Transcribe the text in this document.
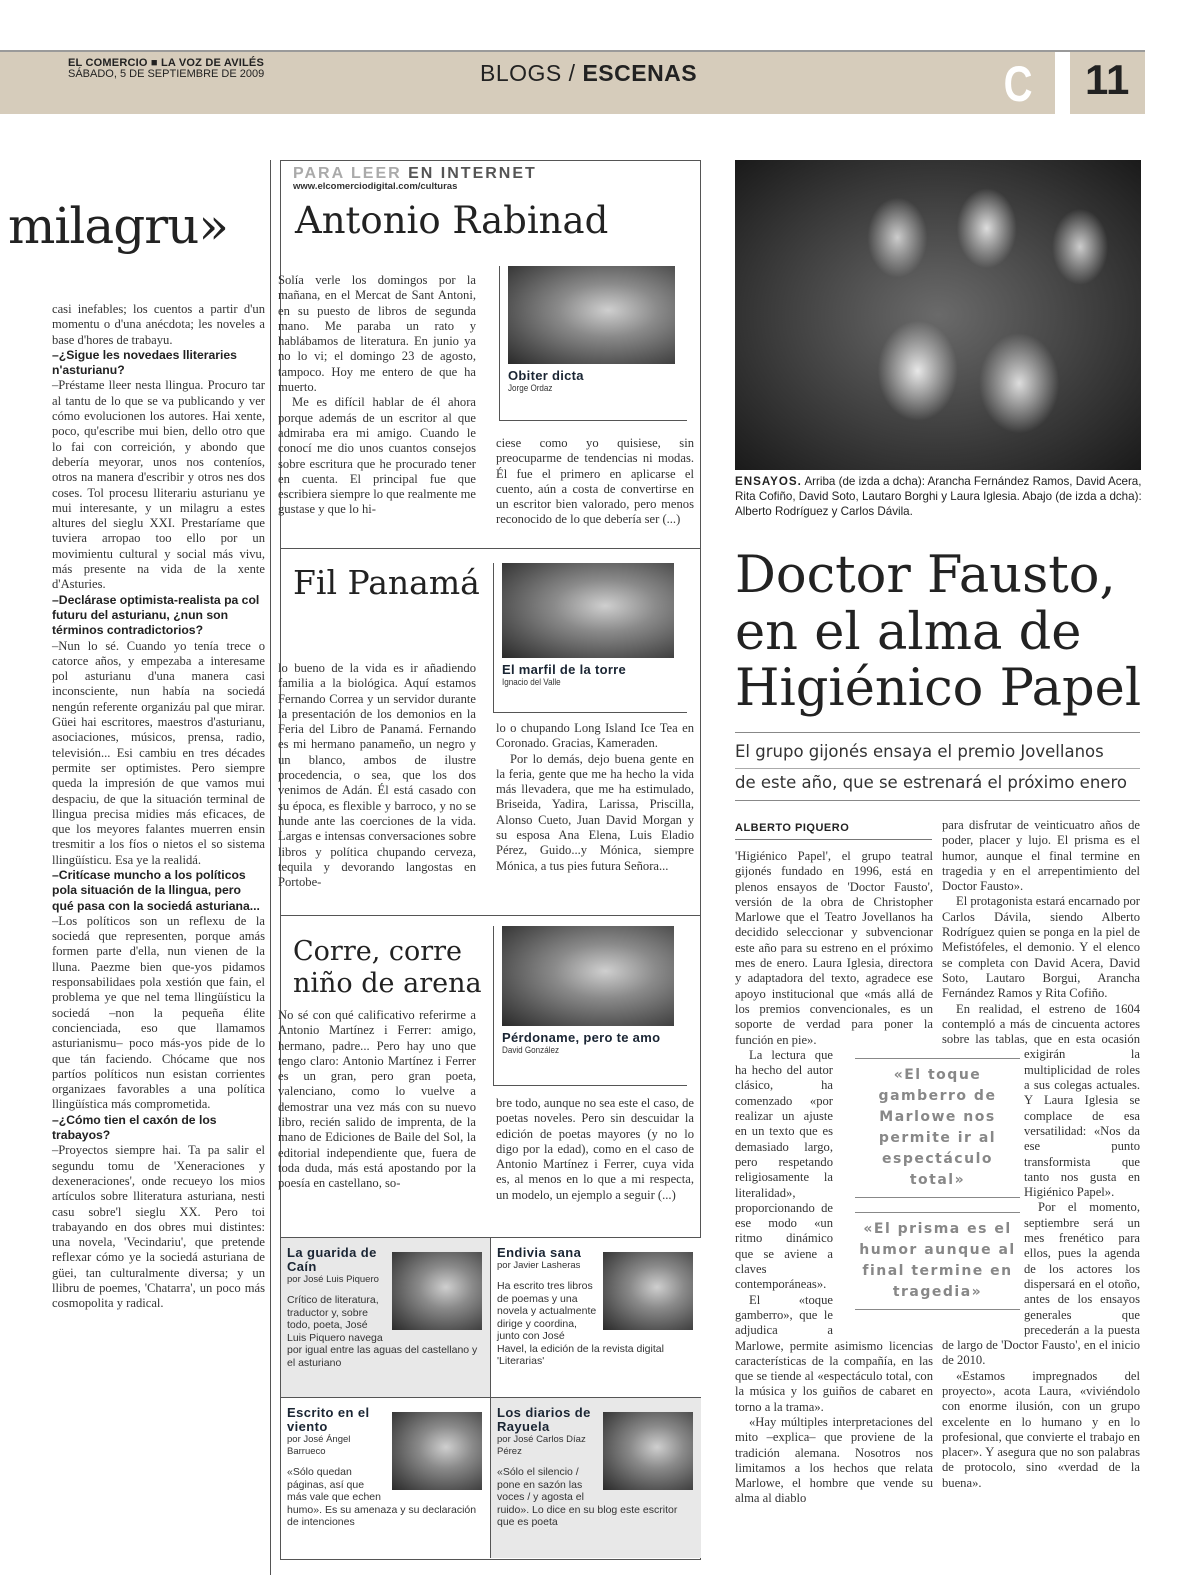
EL COMERCIO ■ LA VOZ DE AVILÉS
SÁBADO, 5 DE SEPTIEMBRE DE 2009	BLOGS / ESCENAS	C 11
milagru»

casi inefables; los cuentos a partir d'un momentu o d'una anécdota; les noveles a base d'hores de trabayu.

–¿Sigue les novedaes lliteraries n'asturianu?

–Préstame lleer nesta llingua. Procuro tar al tantu de lo que se va publicando y ver cómo evolucionen los autores. Hai xente, poco, qu'escribe mui bien, dello otro que lo fai con correición, y abondo que debería meyorar, unos nos conteníos, otros na manera d'escribir y otros nes dos coses. Tol procesu lliterariu asturianu ye mui interesante, y un milagru a estes altures del sieglu XXI. Prestaríame que tuviera arropao too ello por un movimientu cultural y social más vivu, más presente na vida de la xente d'Asturies.

–Declárase optimista-realista pa col futuru del asturianu, ¿nun son términos contradictorios?

–Nun lo sé. Cuando yo tenía trece o catorce años, y empezaba a interesame pol asturianu d'una manera casi inconsciente, nun había na sociedá nengún referente organizáu pal que mirar. Güei hai escritores, maestros d'asturianu, asociaciones, músicos, prensa, radio, televisión... Esi cambiu en tres décades permite ser optimistes. Pero siempre queda la impresión de que vamos mui despaciu, de que la situación terminal de llingua precisa midies más eficaces, de que los meyores falantes muerren ensin tresmitir a los fíos o nietos el so sistema llingüísticu. Esa ye la realidá.

–Critícase muncho a los políticos pola situación de la llingua, pero qué pasa con la sociedá asturiana...

–Los políticos son un reflexu de la sociedá que representen, porque amás formen parte d'ella, nun vienen de la lluna. Paezme bien que-yos pidamos responsabilidaes pola xestión que fain, el problema ye que nel tema llingüísticu la sociedá –non la pequeña élite concienciada, eso que llamamos asturianismu– poco más-yos pide de lo que tán faciendo. Chócame que nos partíos políticos nun esistan corrientes organizaes favorables a una política llingüística más comprometida.

–¿Cómo tien el caxón de los trabayos?

–Proyectos siempre hai. Ta pa salir el segundu tomu de 'Xeneraciones y dexeneraciones', onde recueyo los mios artículos sobre lliteratura asturiana, nesti casu sobre'l sieglu XX. Pero toi trabayando en dos obres mui distintes: una novela, 'Vecindariu', que pretende reflexar cómo ye la sociedá asturiana de güei, tan culturalmente diversa; y un llibru de poemes, 'Chatarra', un poco más cosmopolita y radical.

PARA LEER EN INTERNET
www.elcomerciodigital.com/culturas
Antonio Rabinad

Solía verle los domingos por la mañana, en el Mercat de Sant Antoni, en su puesto de libros de segunda mano. Me paraba un rato y hablábamos de literatura. En junio ya no lo vi; el domingo 23 de agosto, tampoco. Hoy me entero de que ha muerto.

Me es difícil hablar de él ahora porque además de un escritor al que admiraba era mi amigo. Cuando le conocí me dio unos cuantos consejos sobre escritura que he procurado tener en cuenta. El principal fue que escribiera siempre lo que realmente me gustase y que lo hi-

Obiter dicta
Jorge Ordaz

ciese como yo quisiese, sin preocuparme de tendencias ni modas. Él fue el primero en aplicarse el cuento, aún a costa de convertirse en un escritor bien valorado, pero menos reconocido de lo que debería ser (...)

Fil Panamá

lo bueno de la vida es ir añadiendo familia a la biológica. Aquí estamos Fernando Correa y un servidor durante la presentación de los demonios en la Feria del Libro de Panamá. Fernando es mi hermano panameño, un negro y un blanco, ambos de ilustre procedencia, o sea, que los dos venimos de Adán. Él está casado con su época, es flexible y barroco, y no se hunde ante las coerciones de la vida. Largas e intensas conversaciones sobre libros y política chupando cerveza, tequila y devorando langostas en Portobe-

El marfil de la torre
Ignacio del Valle

lo o chupando Long Island Ice Tea en Coronado. Gracias, Kameraden.

Por lo demás, dejo buena gente en la feria, gente que me ha hecho la vida más llevadera, que me ha estimulado, Briseida, Yadira, Larissa, Priscilla, Alonso Cueto, Juan David Morgan y su esposa Ana Elena, Luis Eladio Pérez, Guido...y Mónica, siempre Mónica, a tus pies futura Señora...

Corre, corre niño de arena

No sé con qué calificativo referirme a Antonio Martínez i Ferrer: amigo, hermano, padre... Pero hay uno que tengo claro: Antonio Martínez i Ferrer es un gran, pero gran poeta, valenciano, como lo vuelve a demostrar una vez más con su nuevo libro, recién salido de imprenta, de la mano de Ediciones de Baile del Sol, la editorial independiente que, fuera de toda duda, más está apostando por la poesía en castellano, so-

Pérdoname, pero te amo
David González

bre todo, aunque no sea este el caso, de poetas noveles. Pero sin descuidar la edición de poetas mayores (y no lo digo por la edad), como en el caso de Antonio Martínez i Ferrer, cuya vida es, al menos en lo que a mi respecta, un modelo, un ejemplo a seguir (...)

La guarida de Caín
por José Luis Piquero
Crítico de literatura, traductor y, sobre todo, poeta, José Luis Piquero navega por igual entre las aguas del castellano y el asturiano
Endivia sana
por Javier Lasheras
Ha escrito tres libros de poemas y una novela y actualmente dirige y coordina, junto con José Havel, la edición de la revista digital 'Literarias'
Escrito en el viento
por José Ángel Barrueco
«Sólo quedan páginas, así que más vale que echen humo». Es su amenaza y su declaración de intenciones
Los diarios de Rayuela
por José Carlos Díaz Pérez
«Sólo el silencio / pone en sazón las voces / y agosta el ruido». Lo dice en su blog este escritor que es poeta
ENSAYOS. Arriba (de izda a dcha): Arancha Fernández Ramos, David Acera, Rita Cofiño, David Soto, Lautaro Borghi y Laura Iglesia. Abajo (de izda a dcha): Alberto Rodríguez y Carlos Dávila.
Doctor Fausto, en el alma de Higiénico Papel
El grupo gijonés ensaya el premio Jovellanos
de este año, que se estrenará el próximo enero
ALBERTO PIQUERO

'Higiénico Papel', el grupo teatral gijonés fundado en 1996, está en plenos ensayos de 'Doctor Fausto', versión de la obra de Christopher Marlowe que el Teatro Jovellanos ha decidido seleccionar y subvencionar este año para su estreno en el próximo mes de enero. Laura Iglesia, directora y adaptadora del texto, agradece ese apoyo institucional que «más allá de los premios convencionales, es un soporte de verdad para poner la función en pie».

La lectura que ha hecho del autor clásico, ha comenzado «por realizar un ajuste en un texto que es demasiado largo, pero respetando religiosamente la literalidad», proporcionando de ese modo «un ritmo dinámico que se aviene a claves contemporáneas».

El «toque gamberro», que le adjudica a Marlowe, permite asimismo licencias características de la compañía, en las que se tiende al «espectáculo total, con la música y los guiños de cabaret en torno a la trama».

«Hay múltiples interpretaciones del mito –explica– que proviene de la tradición alemana. Nosotros nos limitamos a los hechos que relata Marlowe, el hombre que vende su alma al diablo

para disfrutar de veinticuatro años de poder, placer y lujo. El prisma es el humor, aunque el final termine en tragedia y en el arrepentimiento del Doctor Fausto».

El protagonista estará encarnado por Carlos Dávila, siendo Alberto Rodríguez quien se ponga en la piel de Mefistófeles, el demonio. Y el elenco se completa con David Acera, David Soto, Lautaro Borgui, Arancha Fernández Ramos y Rita Cofiño.

En realidad, el estreno de 1604 contempló a más de cincuenta actores sobre las tablas, que en esta ocasión exigirán la multiplicidad de roles a sus colegas actuales. Y Laura Iglesia se complace de esa versatilidad: «Nos da ese punto transformista que tanto nos gusta en Higiénico Papel».

Por el momento, septiembre será un mes frenético para ellos, pues la agenda de los actores los dispersará en el otoño, antes de los ensayos generales que precederán a la puesta de largo de 'Doctor Fausto', en el inicio de 2010.

«Estamos impregnados del proyecto», acota Laura, «viviéndolo con enorme ilusión, con un grupo excelente en lo humano y en lo profesional, que convierte el trabajo en placer». Y asegura que no son palabras de protocolo, sino «verdad de la buena».

«El toque gamberro de Marlowe nos permite ir al espectáculo total»
«El prisma es el humor aunque al final termine en tragedia»
